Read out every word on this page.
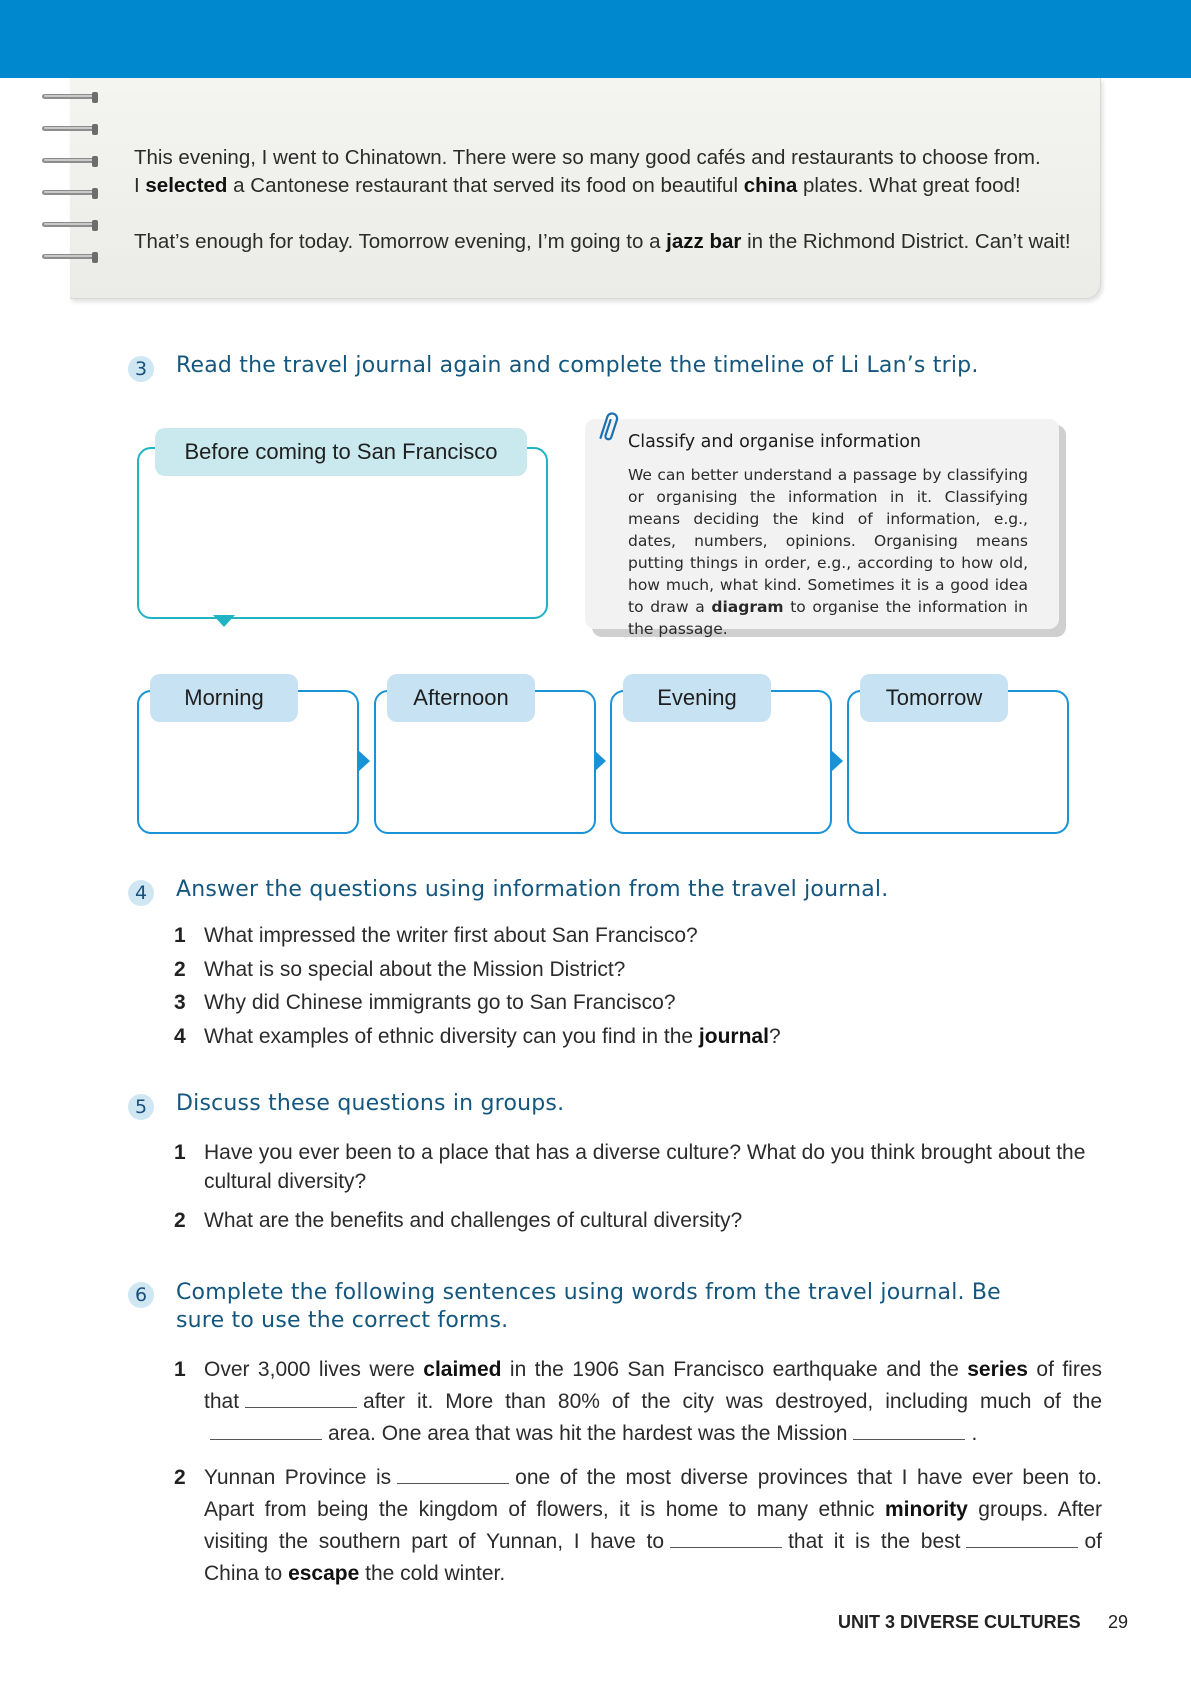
This evening, I went to Chinatown. There were so many good cafés and restaurants to choose from.
I selected a Cantonese restaurant that served its food on beautiful china plates. What great food!
That’s enough for today. Tomorrow evening, I’m going to a jazz bar in the Richmond District. Can’t wait!
3	Read the travel journal again and complete the timeline of Li Lan’s trip.
Before coming to San Francisco	Classify and organise information
We can better understand a passage by classifying or organising the information in it. Classifying means deciding the kind of information, e.g., dates, numbers, opinions. Organising means putting things in order, e.g., according to how old, how much, what kind. Sometimes it is a good idea to draw a diagram to organise the information in the passage.
Morning	Afternoon	Evening	Tomorrow
4	Answer the questions using information from the travel journal.
1 What impressed the writer first about San Francisco?
2 What is so special about the Mission District?
3 Why did Chinese immigrants go to San Francisco?
4 What examples of ethnic diversity can you find in the journal?
5	Discuss these questions in groups.
1 Have you ever been to a place that has a diverse culture? What do you think brought about the cultural diversity?
2 What are the benefits and challenges of cultural diversity?
6	Complete the following sentences using words from the travel journal. Be
sure to use the correct forms.
1 Over 3,000 lives were claimed in the 1906 San Francisco earthquake and the series of fires that	after it. More than 80% of the city was destroyed, including much of thearea. One area that was hit the hardest was the Mission	.
2 Yunnan Province is	one of the most diverse provinces that I have ever been to. Apart from being the kingdom of flowers, it is home to many ethnic minority groups. After visiting the southern part of Yunnan, I have to	that it is the best	of China to escape the cold winter.
UNIT 3 DIVERSE CULTURES 29
